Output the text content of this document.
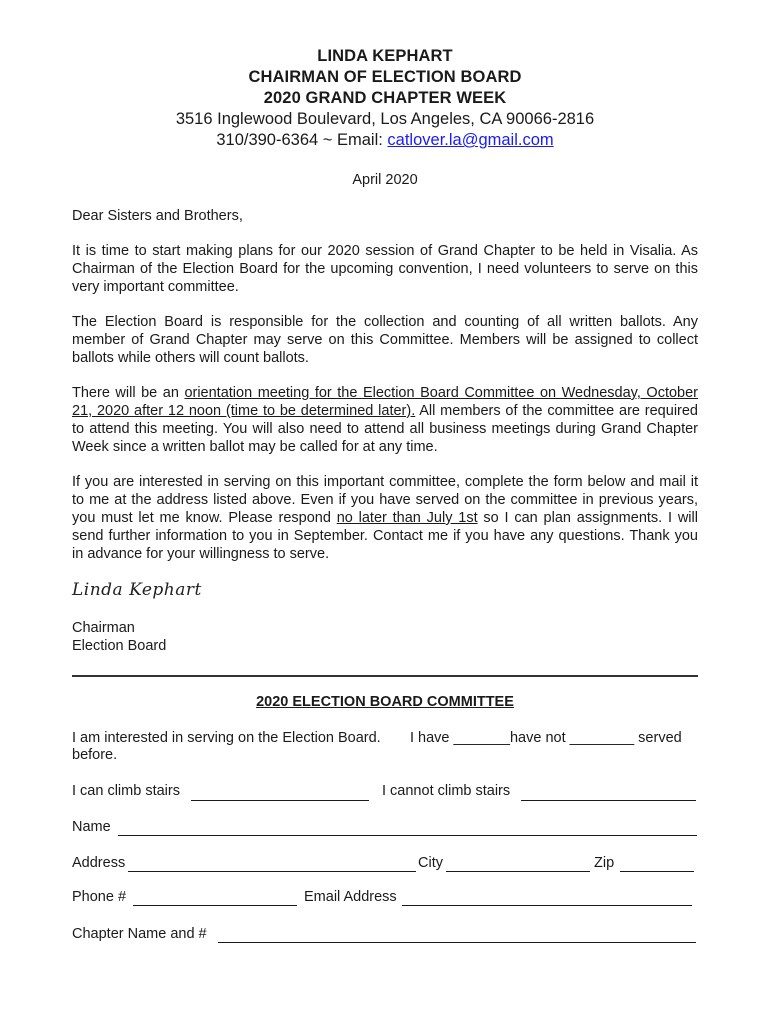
LINDA KEPHART
CHAIRMAN OF ELECTION BOARD
2020 GRAND CHAPTER WEEK
3516 Inglewood Boulevard, Los Angeles, CA 90066-2816
310/390-6364 ~ Email: catlover.la@gmail.com
April 2020
Dear Sisters and Brothers,
It is time to start making plans for our 2020 session of Grand Chapter to be held in Visalia. As Chairman of the Election Board for the upcoming convention, I need volunteers to serve on this very important committee.
The Election Board is responsible for the collection and counting of all written ballots. Any member of Grand Chapter may serve on this Committee. Members will be assigned to collect ballots while others will count ballots.
There will be an orientation meeting for the Election Board Committee on Wednesday, October 21, 2020 after 12 noon (time to be determined later). All members of the committee are required to attend this meeting. You will also need to attend all business meetings during Grand Chapter Week since a written ballot may be called for at any time.
If you are interested in serving on this important committee, complete the form below and mail it to me at the address listed above. Even if you have served on the committee in previous years, you must let me know. Please respond no later than July 1st so I can plan assignments. I will send further information to you in September. Contact me if you have any questions. Thank you in advance for your willingness to serve.
Linda Kephart
Chairman
Election Board
2020 ELECTION BOARD COMMITTEE
I am interested in serving on the Election Board. I have _______have not ________ served
before.
I can climb stairs	I cannot climb stairs
Name
Address	City	Zip
Phone #	Email Address
Chapter Name and #
